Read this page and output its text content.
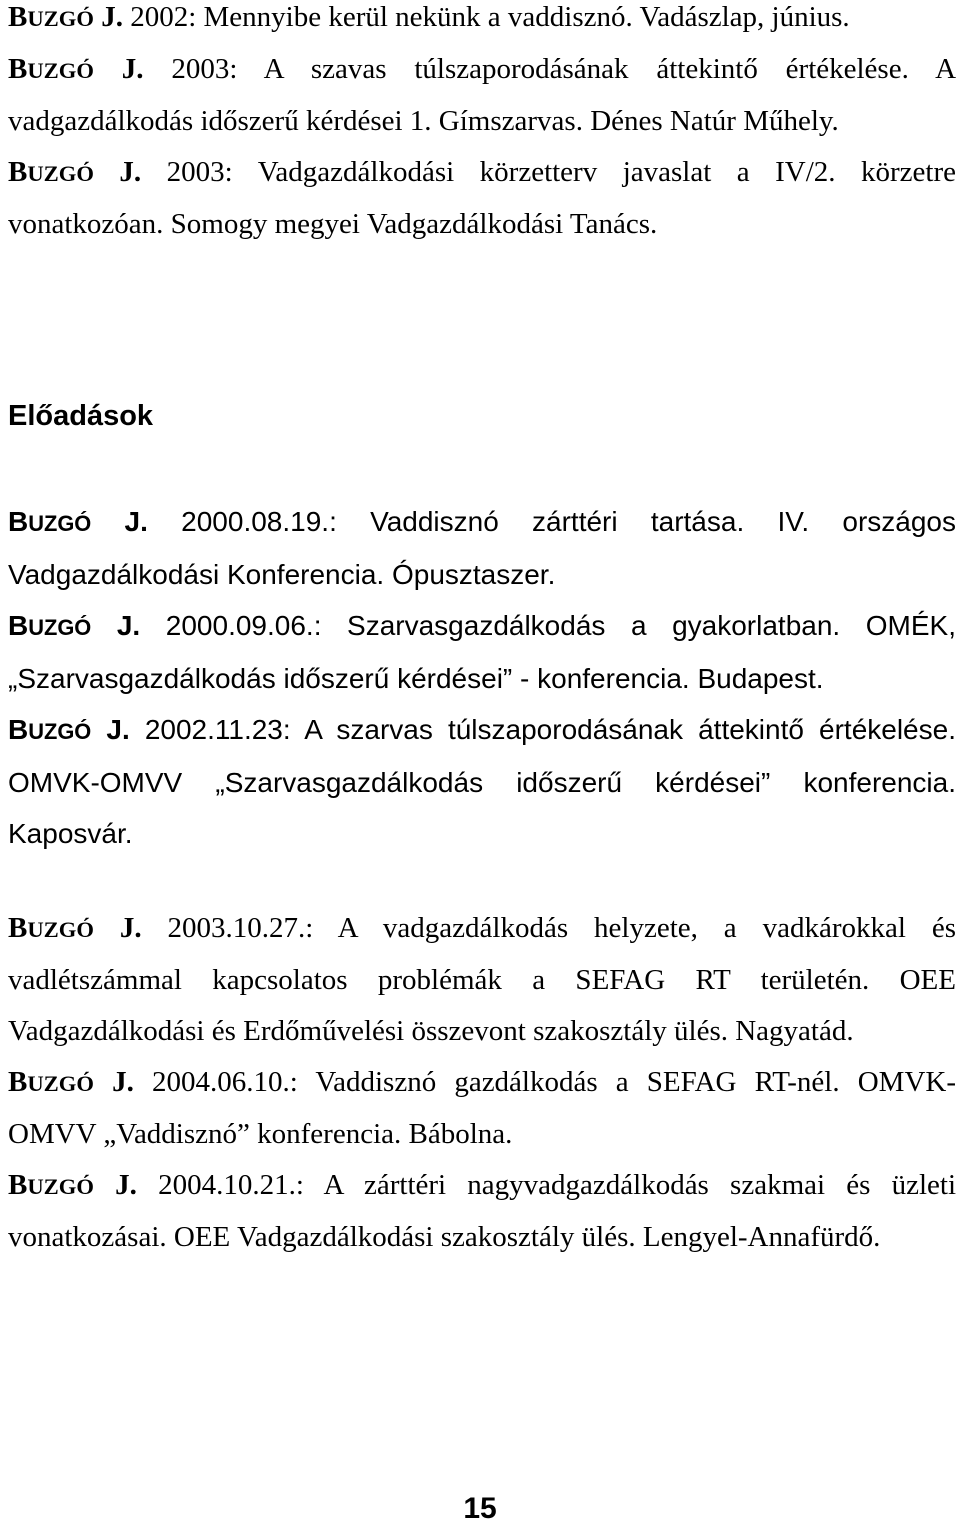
BUZGÓ J. 2002: Mennyibe kerül nekünk a vaddisznó. Vadászlap, június.

BUZGÓ J. 2003: A szavas túlszaporodásának áttekintő értékelése. A vadgazdálkodás időszerű kérdései 1. Gímszarvas. Dénes Natúr Műhely.

BUZGÓ J. 2003: Vadgazdálkodási körzetterv javaslat a IV/2. körzetre vonatkozóan. Somogy megyei Vadgazdálkodási Tanács.

Előadások

BUZGÓ J. 2000.08.19.: Vaddisznó zárttéri tartása. IV. országos Vadgazdálkodási Konferencia. Ópusztaszer.

BUZGÓ J. 2000.09.06.: Szarvasgazdálkodás a gyakorlatban. OMÉK, „Szarvasgazdálkodás időszerű kérdései” - konferencia. Budapest.

BUZGÓ J. 2002.11.23: A szarvas túlszaporodásának áttekintő értékelése. OMVK-OMVV „Szarvasgazdálkodás időszerű kérdései” konferencia. Kaposvár.

BUZGÓ J. 2003.10.27.: A vadgazdálkodás helyzete, a vadkárokkal és vadlétszámmal kapcsolatos problémák a SEFAG RT területén. OEE Vadgazdálkodási és Erdőművelési összevont szakosztály ülés. Nagyatád.

BUZGÓ J. 2004.06.10.: Vaddisznó gazdálkodás a SEFAG RT-nél. OMVK-OMVV „Vaddisznó” konferencia. Bábolna.

BUZGÓ J. 2004.10.21.: A zárttéri nagyvadgazdálkodás szakmai és üzleti vonatkozásai. OEE Vadgazdálkodási szakosztály ülés. Lengyel-Annafürdő.

15
